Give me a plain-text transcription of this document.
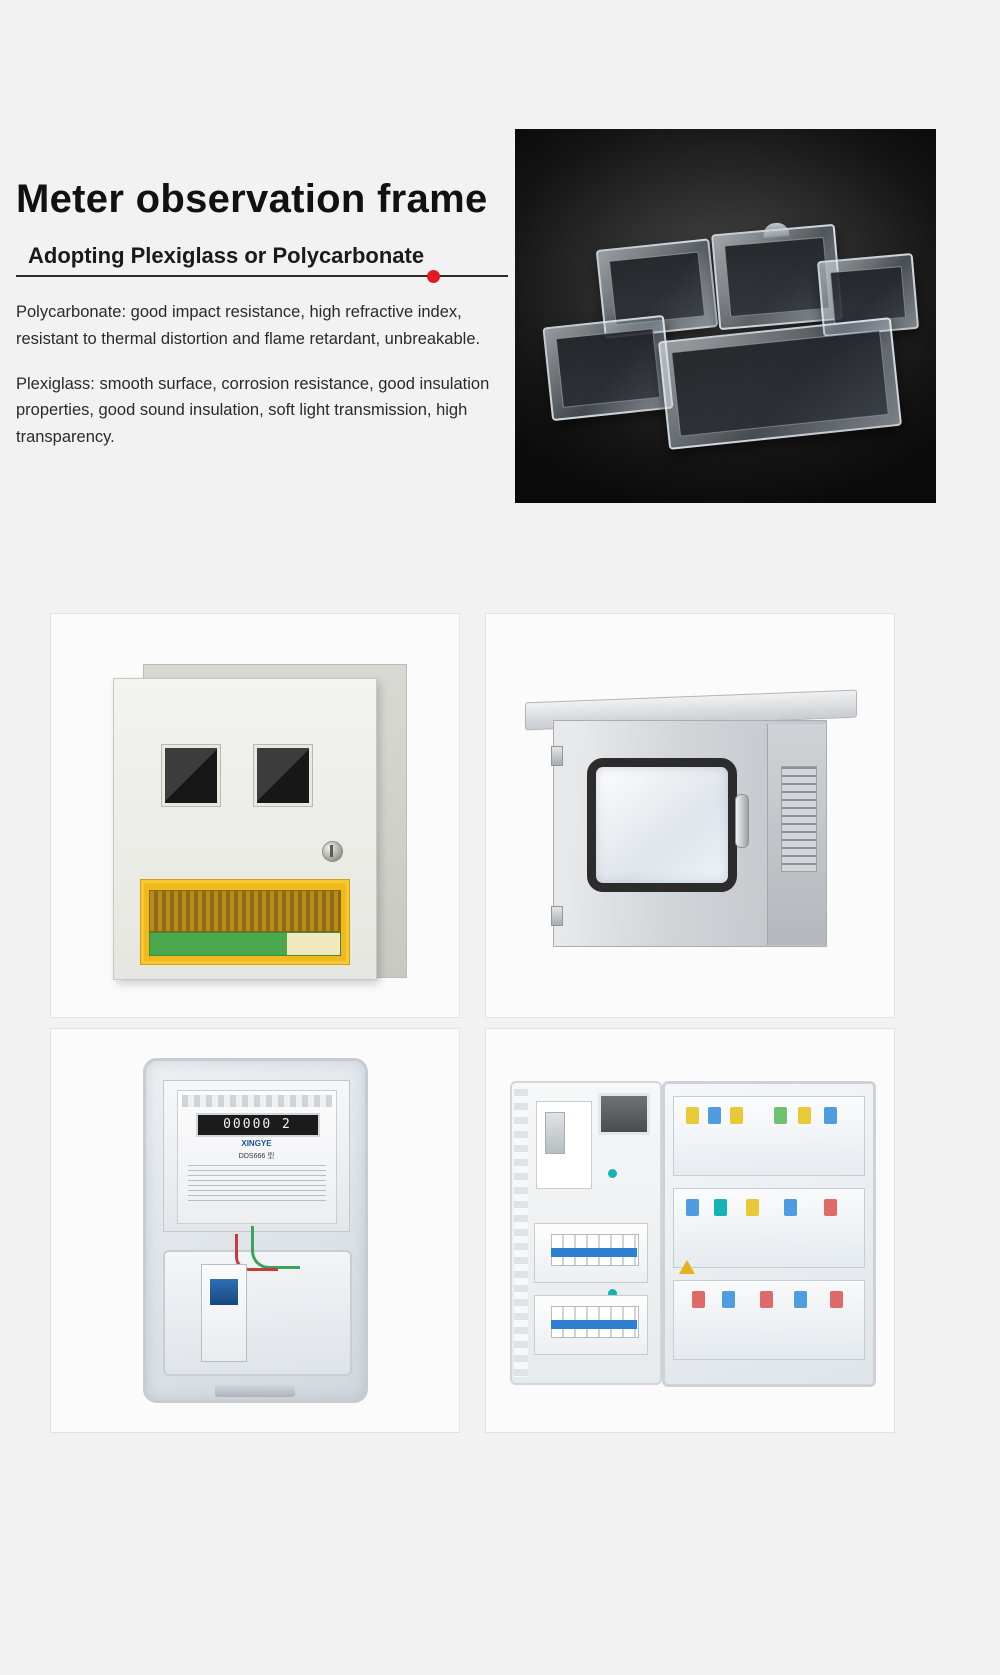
Meter observation frame
Adopting Plexiglass or Polycarbonate

Polycarbonate: good impact resistance, high refractive index, resistant to thermal distortion and flame retardant, unbreakable.

Plexiglass: smooth surface, corrosion resistance, good insulation properties, good sound insulation, soft light transmission, high transparency.

00000 2
XINGYE
DDS666 型
